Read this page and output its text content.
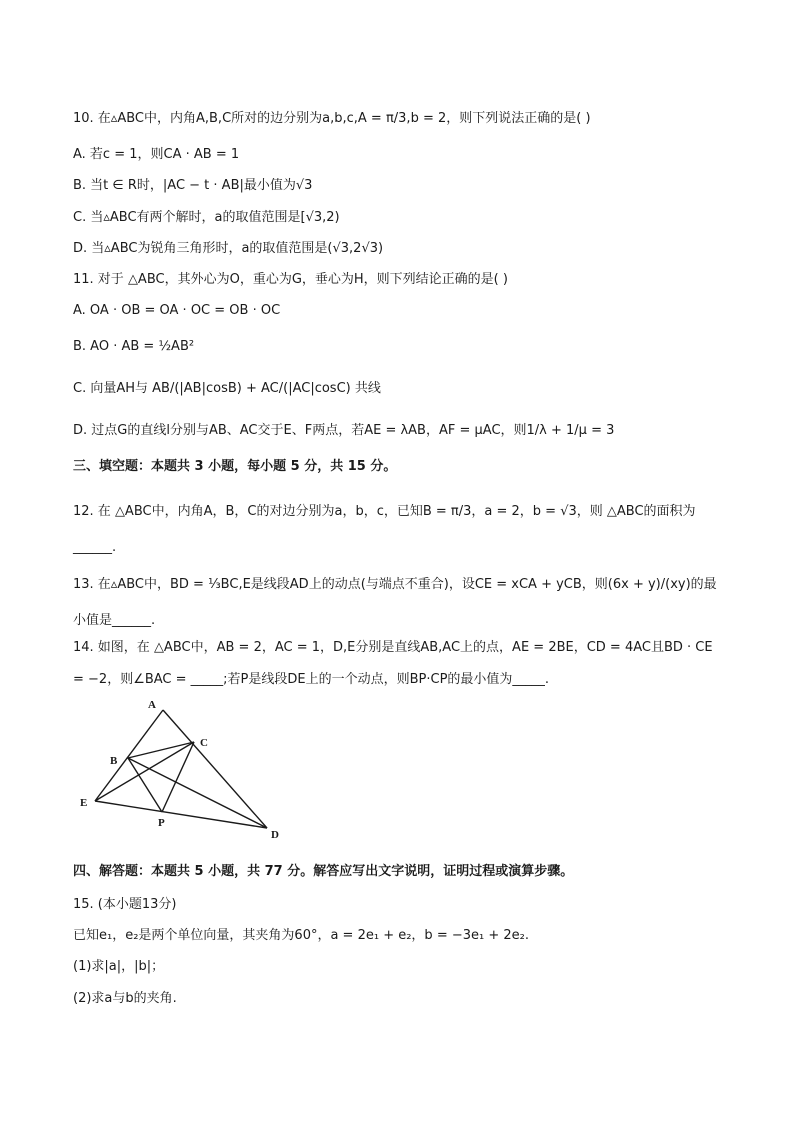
10. 在▵ABC中，内角A,B,C所对的边分别为a,b,c,A = π/3,b = 2，则下列说法正确的是( )
A. 若c = 1，则CA · AB = 1
B. 当t ∈ R时，|AC − t · AB|最小值为√3
C. 当▵ABC有两个解时，a的取值范围是[√3,2)
D. 当▵ABC为锐角三角形时，a的取值范围是(√3,2√3)
11. 对于 △ABC，其外心为O，重心为G，垂心为H，则下列结论正确的是( )
A. OA · OB = OA · OC = OB · OC
B. AO · AB = ½AB²
C. 向量AH与 AB/(|AB|cosB) + AC/(|AC|cosC) 共线
D. 过点G的直线l分别与AB、AC交于E、F两点，若AE = λAB，AF = μAC，则1/λ + 1/μ = 3
三、填空题：本题共 3 小题，每小题 5 分，共 15 分。
12. 在 △ABC中，内角A，B，C的对边分别为a，b，c，已知B = π/3，a = 2，b = √3，则 △ABC的面积为______.
13. 在▵ABC中，BD = ⅓BC,E是线段AD上的动点(与端点不重合)，设CE = xCA + yCB，则(6x + y)/(xy)的最小值是______.
14. 如图，在 △ABC中，AB = 2，AC = 1，D,E分别是直线AB,AC上的点，AE = 2BE，CD = 4AC且BD · CE = −2，则∠BAC = _____;若P是线段DE上的一个动点，则BP·CP的最小值为_____.
A
B
C
E
P
D
四、解答题：本题共 5 小题，共 77 分。解答应写出文字说明，证明过程或演算步骤。
15. (本小题13分)
已知e₁，e₂是两个单位向量，其夹角为60°，a = 2e₁ + e₂，b = −3e₁ + 2e₂.
(1)求|a|，|b|；
(2)求a与b的夹角.
